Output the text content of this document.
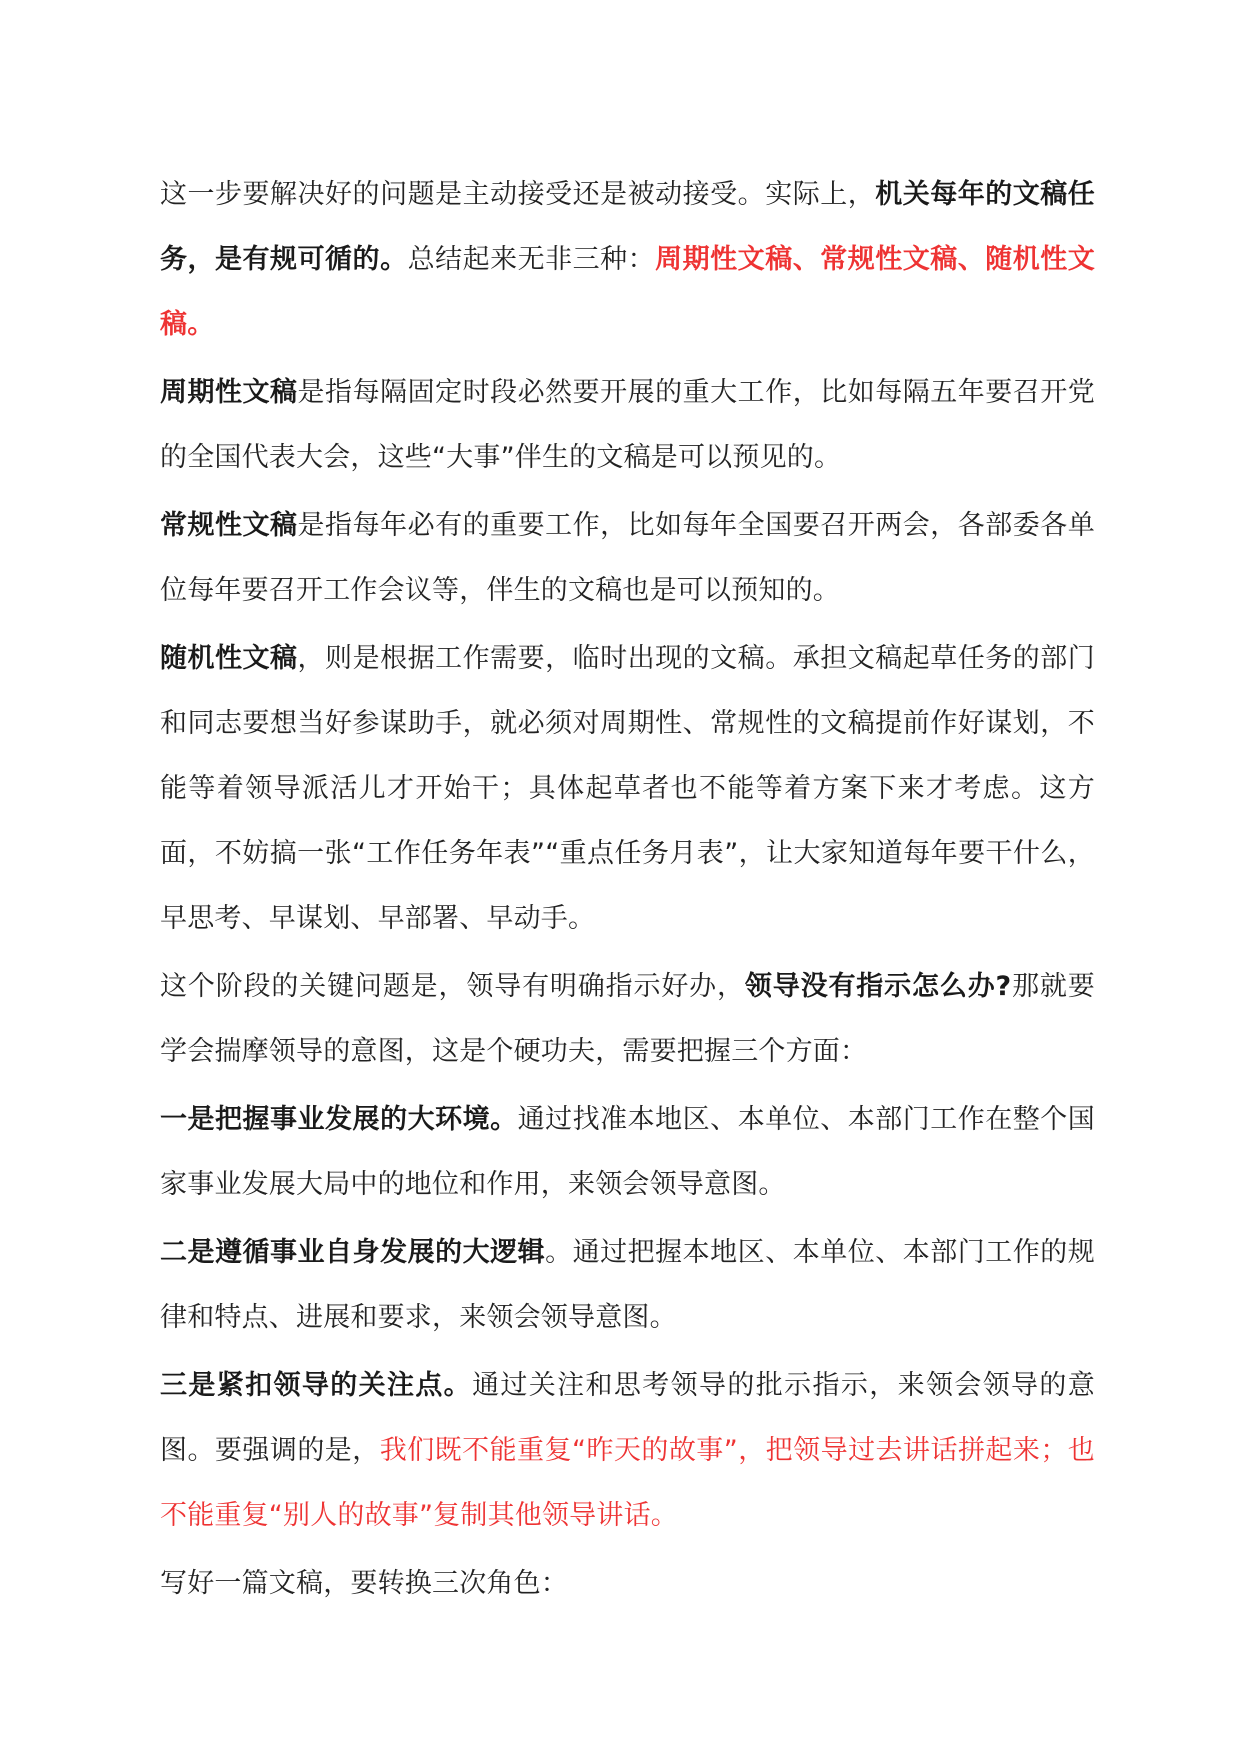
这一步要解决好的问题是主动接受还是被动接受。实际上，机关每年的文稿任务，是有规可循的。总结起来无非三种：周期性文稿、常规性文稿、随机性文稿。

周期性文稿是指每隔固定时段必然要开展的重大工作，比如每隔五年要召开党的全国代表大会，这些“大事”伴生的文稿是可以预见的。

常规性文稿是指每年必有的重要工作，比如每年全国要召开两会，各部委各单位每年要召开工作会议等，伴生的文稿也是可以预知的。

随机性文稿，则是根据工作需要，临时出现的文稿。承担文稿起草任务的部门和同志要想当好参谋助手，就必须对周期性、常规性的文稿提前作好谋划，不能等着领导派活儿才开始干；具体起草者也不能等着方案下来才考虑。这方面，不妨搞一张“工作任务年表”“重点任务月表”，让大家知道每年要干什么，早思考、早谋划、早部署、早动手。

这个阶段的关键问题是，领导有明确指示好办，领导没有指示怎么办?那就要学会揣摩领导的意图，这是个硬功夫，需要把握三个方面：

一是把握事业发展的大环境。通过找准本地区、本单位、本部门工作在整个国家事业发展大局中的地位和作用，来领会领导意图。

二是遵循事业自身发展的大逻辑。通过把握本地区、本单位、本部门工作的规律和特点、进展和要求，来领会领导意图。

三是紧扣领导的关注点。通过关注和思考领导的批示指示，来领会领导的意图。要强调的是，我们既不能重复“昨天的故事”，把领导过去讲话拼起来；也不能重复“别人的故事”复制其他领导讲话。

写好一篇文稿，要转换三次角色：
